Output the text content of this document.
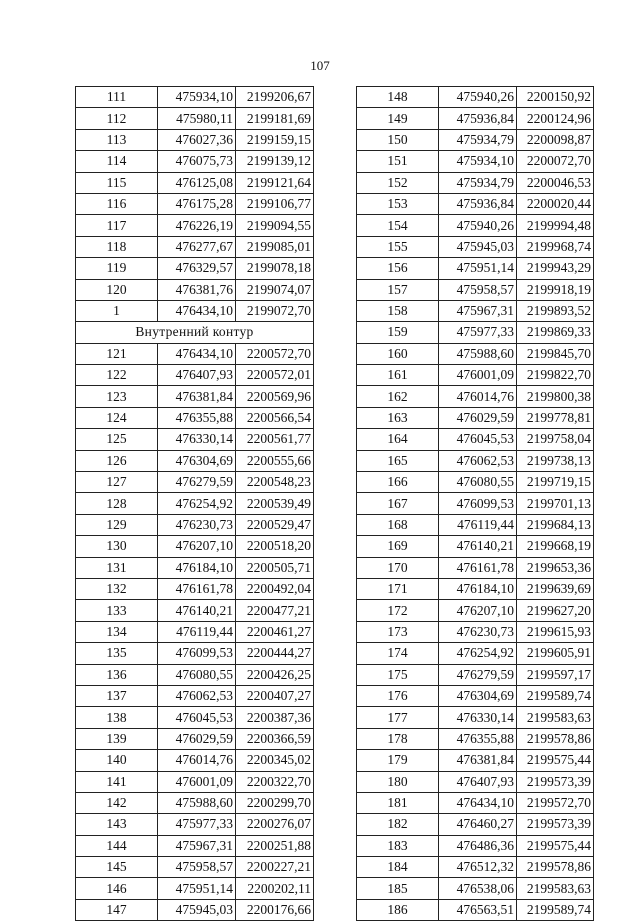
107
111	475934,10	2199206,67
112	475980,11	2199181,69
113	476027,36	2199159,15
114	476075,73	2199139,12
115	476125,08	2199121,64
116	476175,28	2199106,77
117	476226,19	2199094,55
118	476277,67	2199085,01
119	476329,57	2199078,18
120	476381,76	2199074,07
1	476434,10	2199072,70
Внутренний контур		
121	476434,10	2200572,70
122	476407,93	2200572,01
123	476381,84	2200569,96
124	476355,88	2200566,54
125	476330,14	2200561,77
126	476304,69	2200555,66
127	476279,59	2200548,23
128	476254,92	2200539,49
129	476230,73	2200529,47
130	476207,10	2200518,20
131	476184,10	2200505,71
132	476161,78	2200492,04
133	476140,21	2200477,21
134	476119,44	2200461,27
135	476099,53	2200444,27
136	476080,55	2200426,25
137	476062,53	2200407,27
138	476045,53	2200387,36
139	476029,59	2200366,59
140	476014,76	2200345,02
141	476001,09	2200322,70
142	475988,60	2200299,70
143	475977,33	2200276,07
144	475967,31	2200251,88
145	475958,57	2200227,21
146	475951,14	2200202,11
147	475945,03	2200176,66
148	475940,26	2200150,92
149	475936,84	2200124,96
150	475934,79	2200098,87
151	475934,10	2200072,70
152	475934,79	2200046,53
153	475936,84	2200020,44
154	475940,26	2199994,48
155	475945,03	2199968,74
156	475951,14	2199943,29
157	475958,57	2199918,19
158	475967,31	2199893,52
159	475977,33	2199869,33
160	475988,60	2199845,70
161	476001,09	2199822,70
162	476014,76	2199800,38
163	476029,59	2199778,81
164	476045,53	2199758,04
165	476062,53	2199738,13
166	476080,55	2199719,15
167	476099,53	2199701,13
168	476119,44	2199684,13
169	476140,21	2199668,19
170	476161,78	2199653,36
171	476184,10	2199639,69
172	476207,10	2199627,20
173	476230,73	2199615,93
174	476254,92	2199605,91
175	476279,59	2199597,17
176	476304,69	2199589,74
177	476330,14	2199583,63
178	476355,88	2199578,86
179	476381,84	2199575,44
180	476407,93	2199573,39
181	476434,10	2199572,70
182	476460,27	2199573,39
183	476486,36	2199575,44
184	476512,32	2199578,86
185	476538,06	2199583,63
186	476563,51	2199589,74
